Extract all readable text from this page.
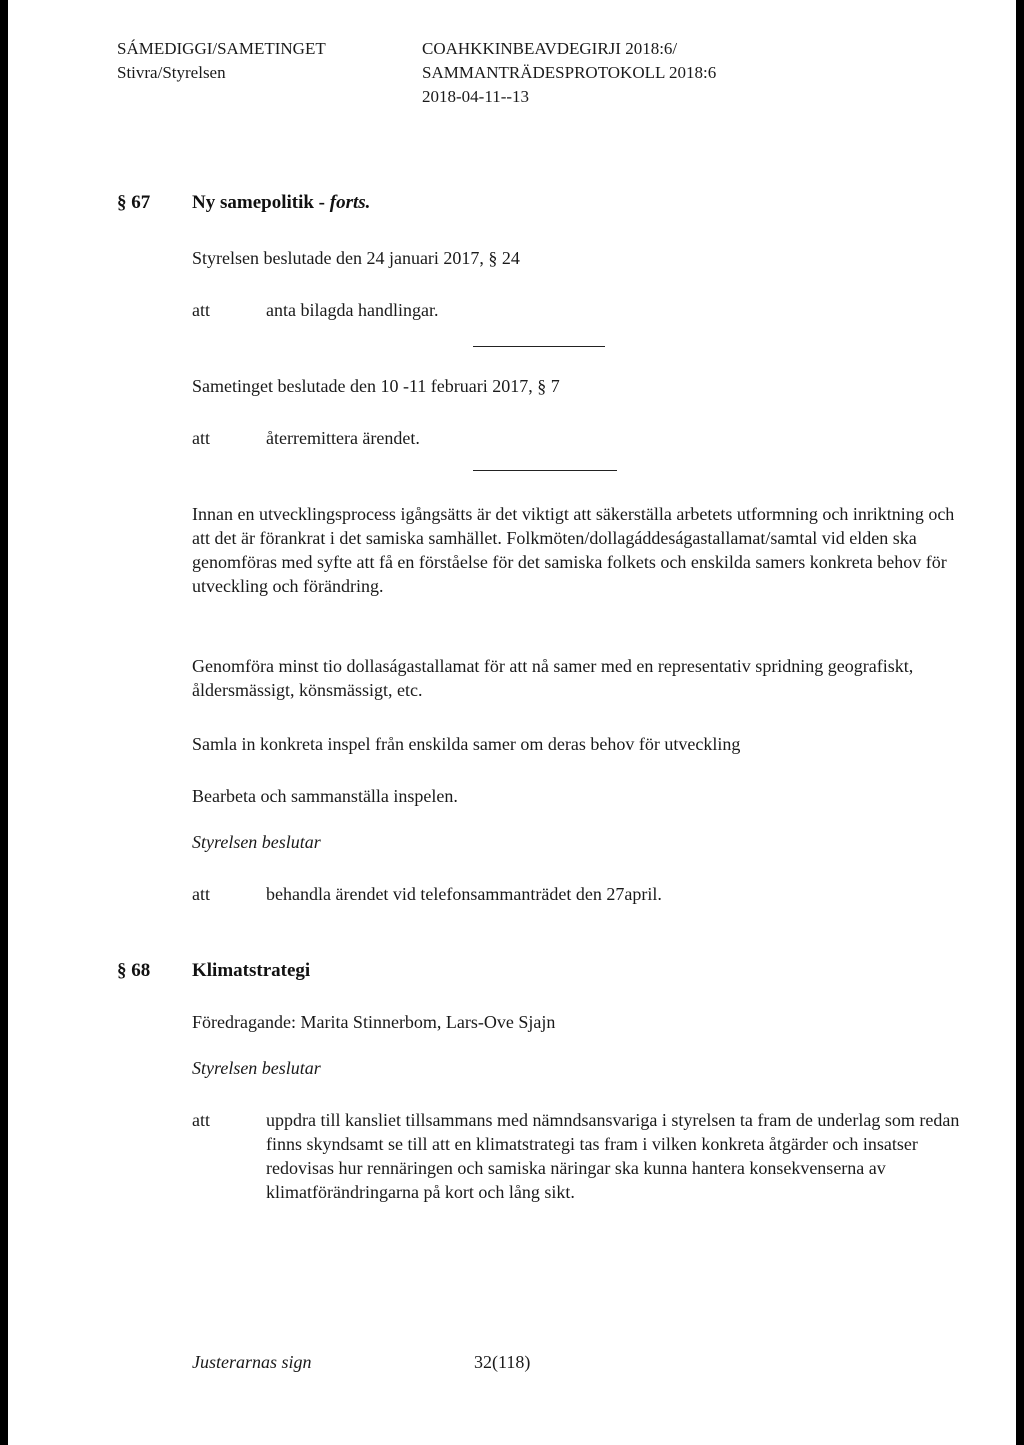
SÁMEDIGGI/SAMETINGET
Stivra/Styrelsen
COAHKKINBEAVDEGIRJI 2018:6/
SAMMANTRÄDESPROTOKOLL 2018:6
2018-04-11--13
§ 67 Ny samepolitik - forts.
Styrelsen beslutade den 24 januari 2017, § 24
att	anta bilagda handlingar.
Sametinget beslutade den 10 -11 februari 2017, § 7
att	återremittera ärendet.
Innan en utvecklingsprocess igångsätts är det viktigt att säkerställa arbetets utformning och inriktning och att det är förankrat i det samiska samhället. Folkmöten/dollagáddeságastallamat/samtal vid elden ska genomföras med syfte att få en förståelse för det samiska folkets och enskilda samers konkreta behov för utveckling och förändring.
Genomföra minst tio dollaságastallamat för att nå samer med en representativ spridning geografiskt, åldersmässigt, könsmässigt, etc.
Samla in konkreta inspel från enskilda samer om deras behov för utveckling
Bearbeta och sammanställa inspelen.
Styrelsen beslutar
att	behandla ärendet vid telefonsammanträdet den 27april.
§ 68 Klimatstrategi
Föredragande: Marita Stinnerbom, Lars-Ove Sjajn
Styrelsen beslutar
att	uppdra till kansliet tillsammans med nämndsansvariga i styrelsen ta fram de underlag som redan finns skyndsamt se till att en klimatstrategi tas fram i vilken konkreta åtgärder och insatser redovisas hur rennäringen och samiska näringar ska kunna hantera konsekvenserna av klimatförändringarna på kort och lång sikt.
Justerarnas sign	32(118)
